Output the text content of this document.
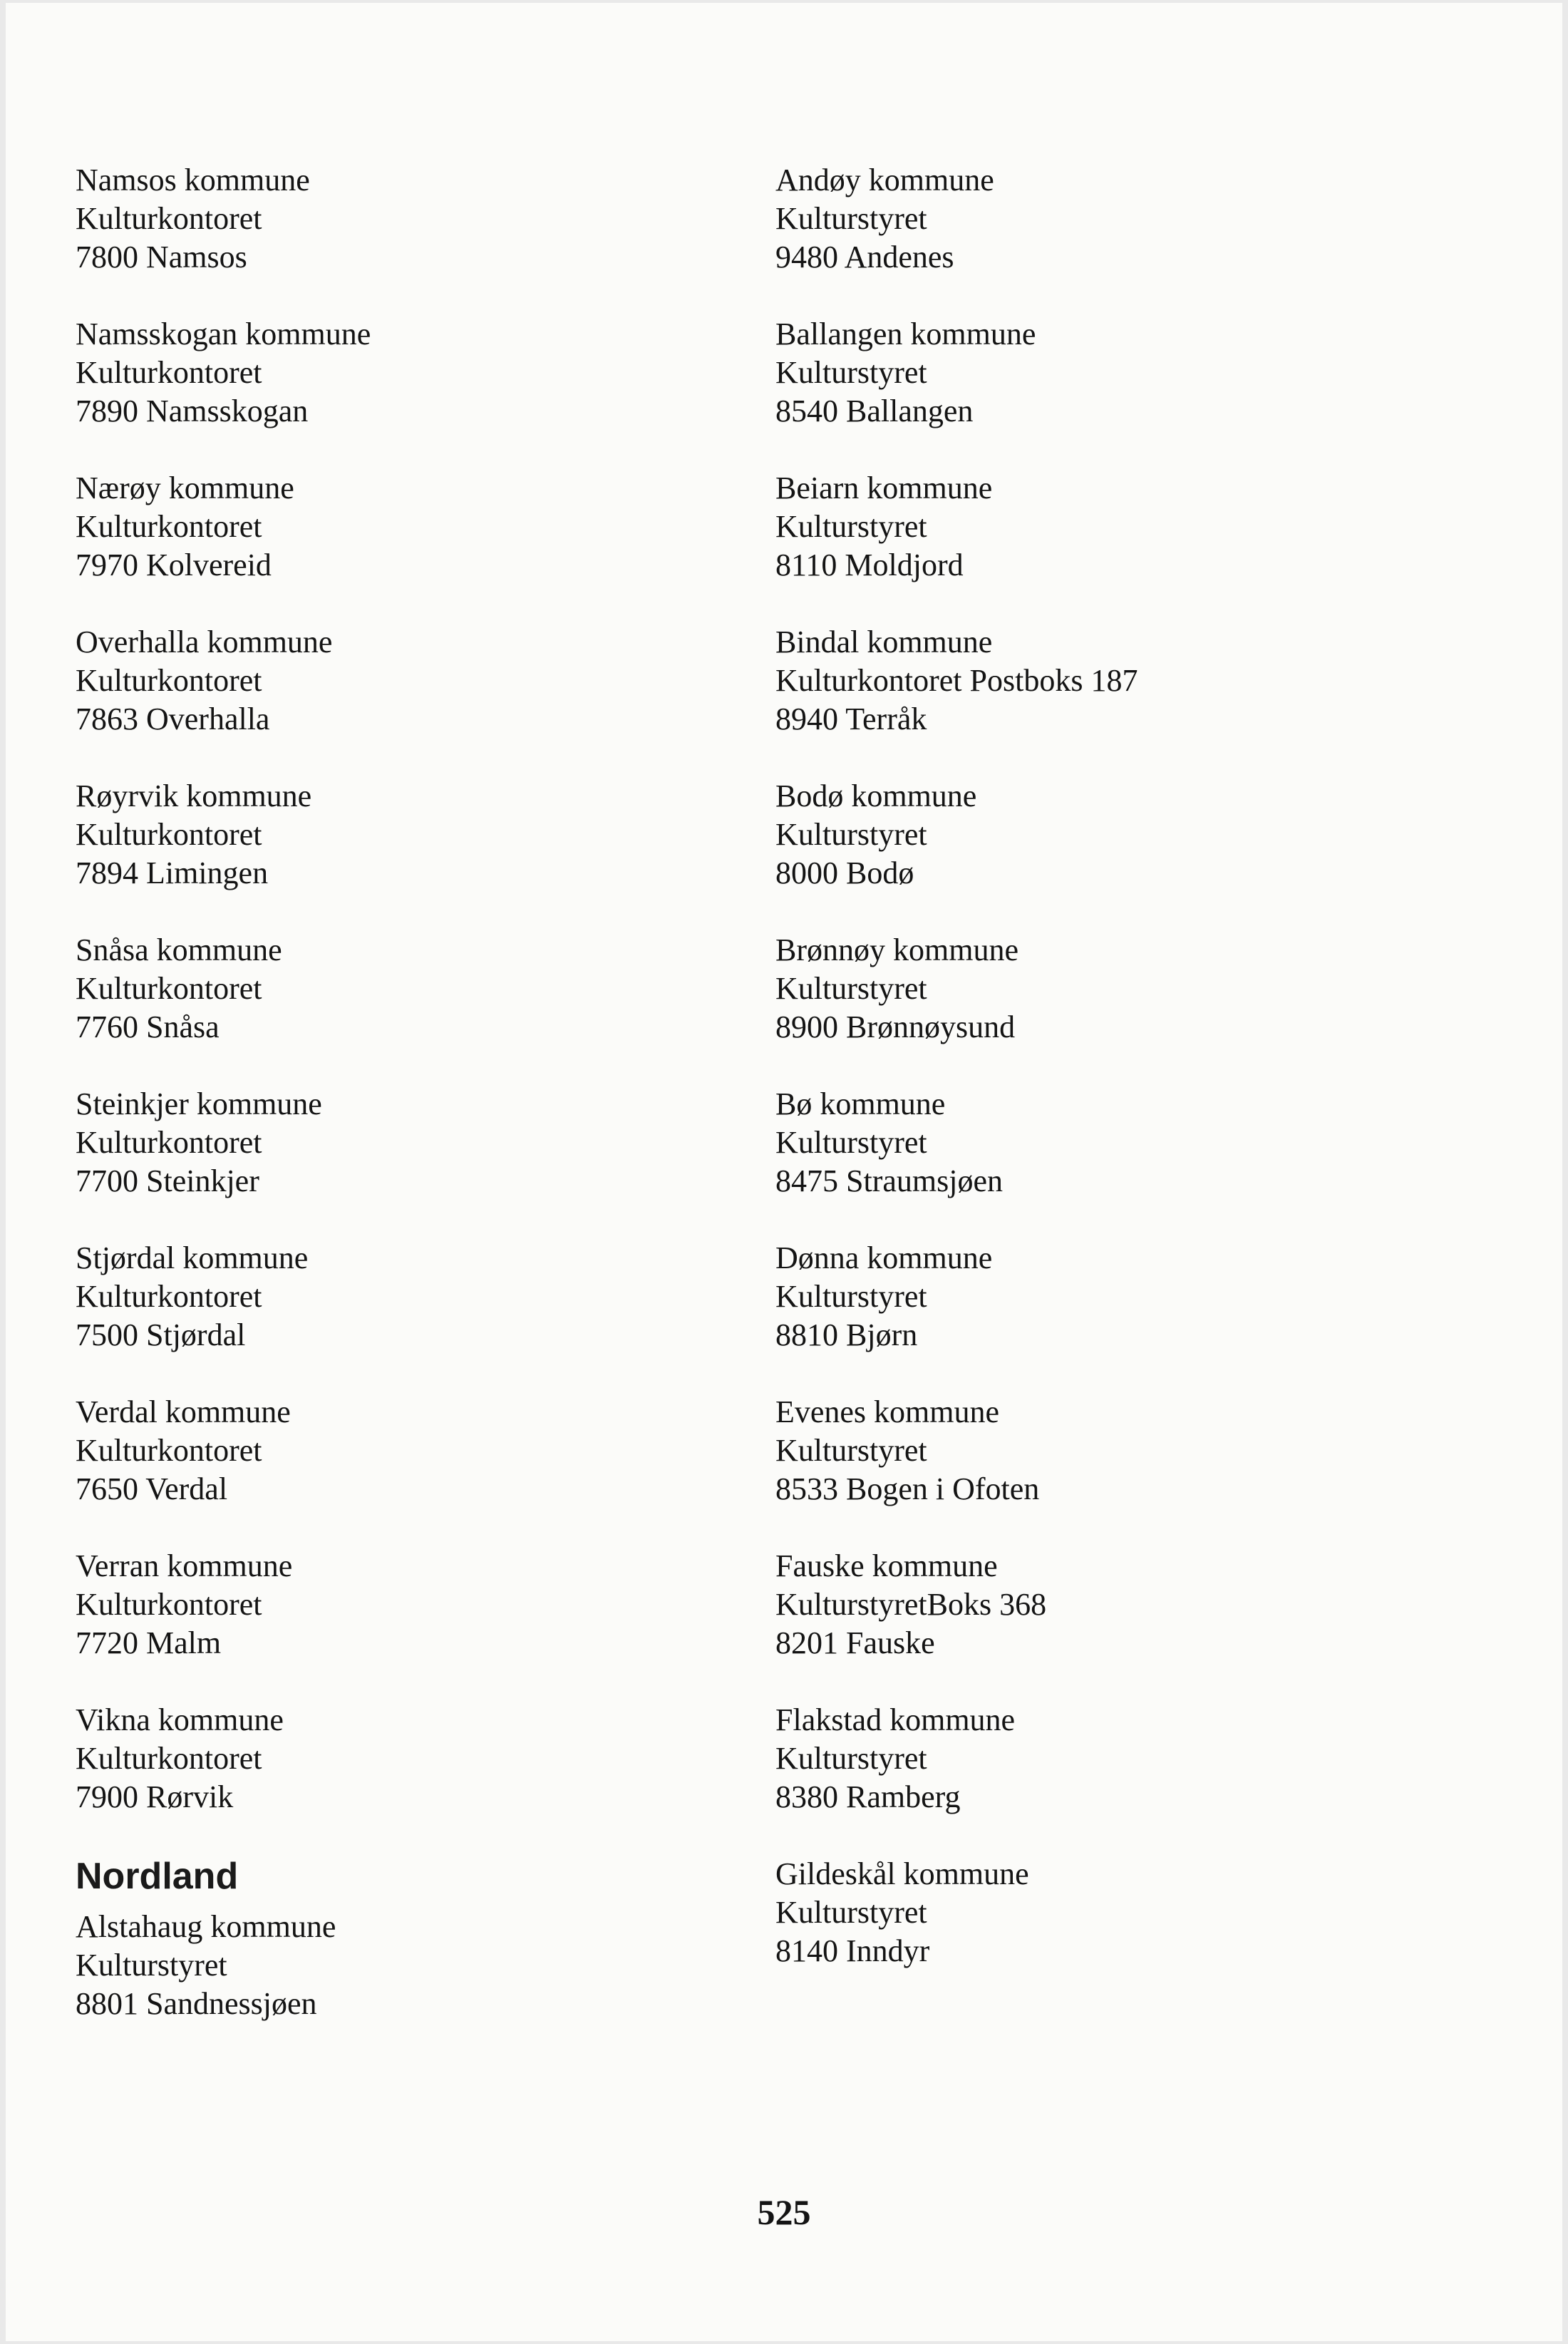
Namsos kommune
Kulturkontoret
7800 Namsos
Namsskogan kommune
Kulturkontoret
7890 Namsskogan
Nærøy kommune
Kulturkontoret
7970 Kolvereid
Overhalla kommune
Kulturkontoret
7863 Overhalla
Røyrvik kommune
Kulturkontoret
7894 Limingen
Snåsa kommune
Kulturkontoret
7760 Snåsa
Steinkjer kommune
Kulturkontoret
7700 Steinkjer
Stjørdal kommune
Kulturkontoret
7500 Stjørdal
Verdal kommune
Kulturkontoret
7650 Verdal
Verran kommune
Kulturkontoret
7720 Malm
Vikna kommune
Kulturkontoret
7900 Rørvik
Nordland
Alstahaug kommune
Kulturstyret
8801 Sandnessjøen
Andøy kommune
Kulturstyret
9480 Andenes
Ballangen kommune
Kulturstyret
8540 Ballangen
Beiarn kommune
Kulturstyret
8110 Moldjord
Bindal kommune
Kulturkontoret Postboks 187
8940 Terråk
Bodø kommune
Kulturstyret
8000 Bodø
Brønnøy kommune
Kulturstyret
8900 Brønnøysund
Bø kommune
Kulturstyret
8475 Straumsjøen
Dønna kommune
Kulturstyret
8810 Bjørn
Evenes kommune
Kulturstyret
8533 Bogen i Ofoten
Fauske kommune
KulturstyretBoks 368
8201 Fauske
Flakstad kommune
Kulturstyret
8380 Ramberg
Gildeskål kommune
Kulturstyret
8140 Inndyr
525
